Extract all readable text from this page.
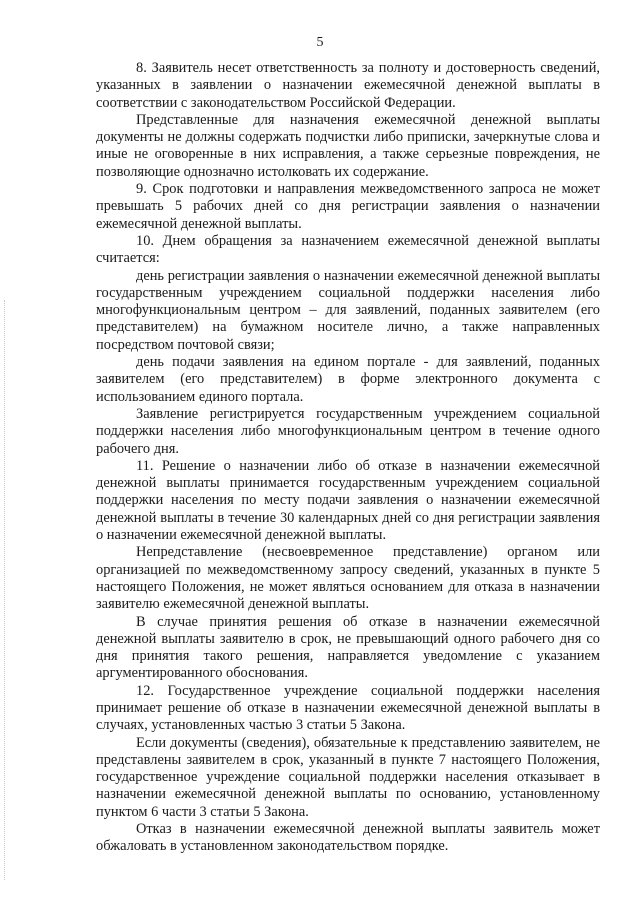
5

8. Заявитель несет ответственность за полноту и достоверность сведений, указанных в заявлении о назначении ежемесячной денежной выплаты в соответствии с законодательством Российской Федерации.

Представленные для назначения ежемесячной денежной выплаты документы не должны содержать подчистки либо приписки, зачеркнутые слова и иные не оговоренные в них исправления, а также серьезные повреждения, не позволяющие однозначно истолковать их содержание.

9. Срок подготовки и направления межведомственного запроса не может превышать 5 рабочих дней со дня регистрации заявления о назначении ежемесячной денежной выплаты.

10. Днем обращения за назначением ежемесячной денежной выплаты считается:

день регистрации заявления о назначении ежемесячной денежной выплаты государственным учреждением социальной поддержки населения либо многофункциональным центром – для заявлений, поданных заявителем (его представителем) на бумажном носителе лично, а также направленных посредством почтовой связи;

день подачи заявления на едином портале - для заявлений, поданных заявителем (его представителем) в форме электронного документа с использованием единого портала.

Заявление регистрируется государственным учреждением социальной поддержки населения либо многофункциональным центром в течение одного рабочего дня.

11. Решение о назначении либо об отказе в назначении ежемесячной денежной выплаты принимается государственным учреждением социальной поддержки населения по месту подачи заявления о назначении ежемесячной денежной выплаты в течение 30 календарных дней со дня регистрации заявления о назначении ежемесячной денежной выплаты.

Непредставление (несвоевременное представление) органом или организацией по межведомственному запросу сведений, указанных в пункте 5 настоящего Положения, не может являться основанием для отказа в назначении заявителю ежемесячной денежной выплаты.

В случае принятия решения об отказе в назначении ежемесячной денежной выплаты заявителю в срок, не превышающий одного рабочего дня со дня принятия такого решения, направляется уведомление с указанием аргументированного обоснования.

12. Государственное учреждение социальной поддержки населения принимает решение об отказе в назначении ежемесячной денежной выплаты в случаях, установленных частью 3 статьи 5 Закона.

Если документы (сведения), обязательные к представлению заявителем, не представлены заявителем в срок, указанный в пункте 7 настоящего Положения, государственное учреждение социальной поддержки населения отказывает в назначении ежемесячной денежной выплаты по основанию, установленному пунктом 6 части 3 статьи 5 Закона.

Отказ в назначении ежемесячной денежной выплаты заявитель может обжаловать в установленном законодательством порядке.
